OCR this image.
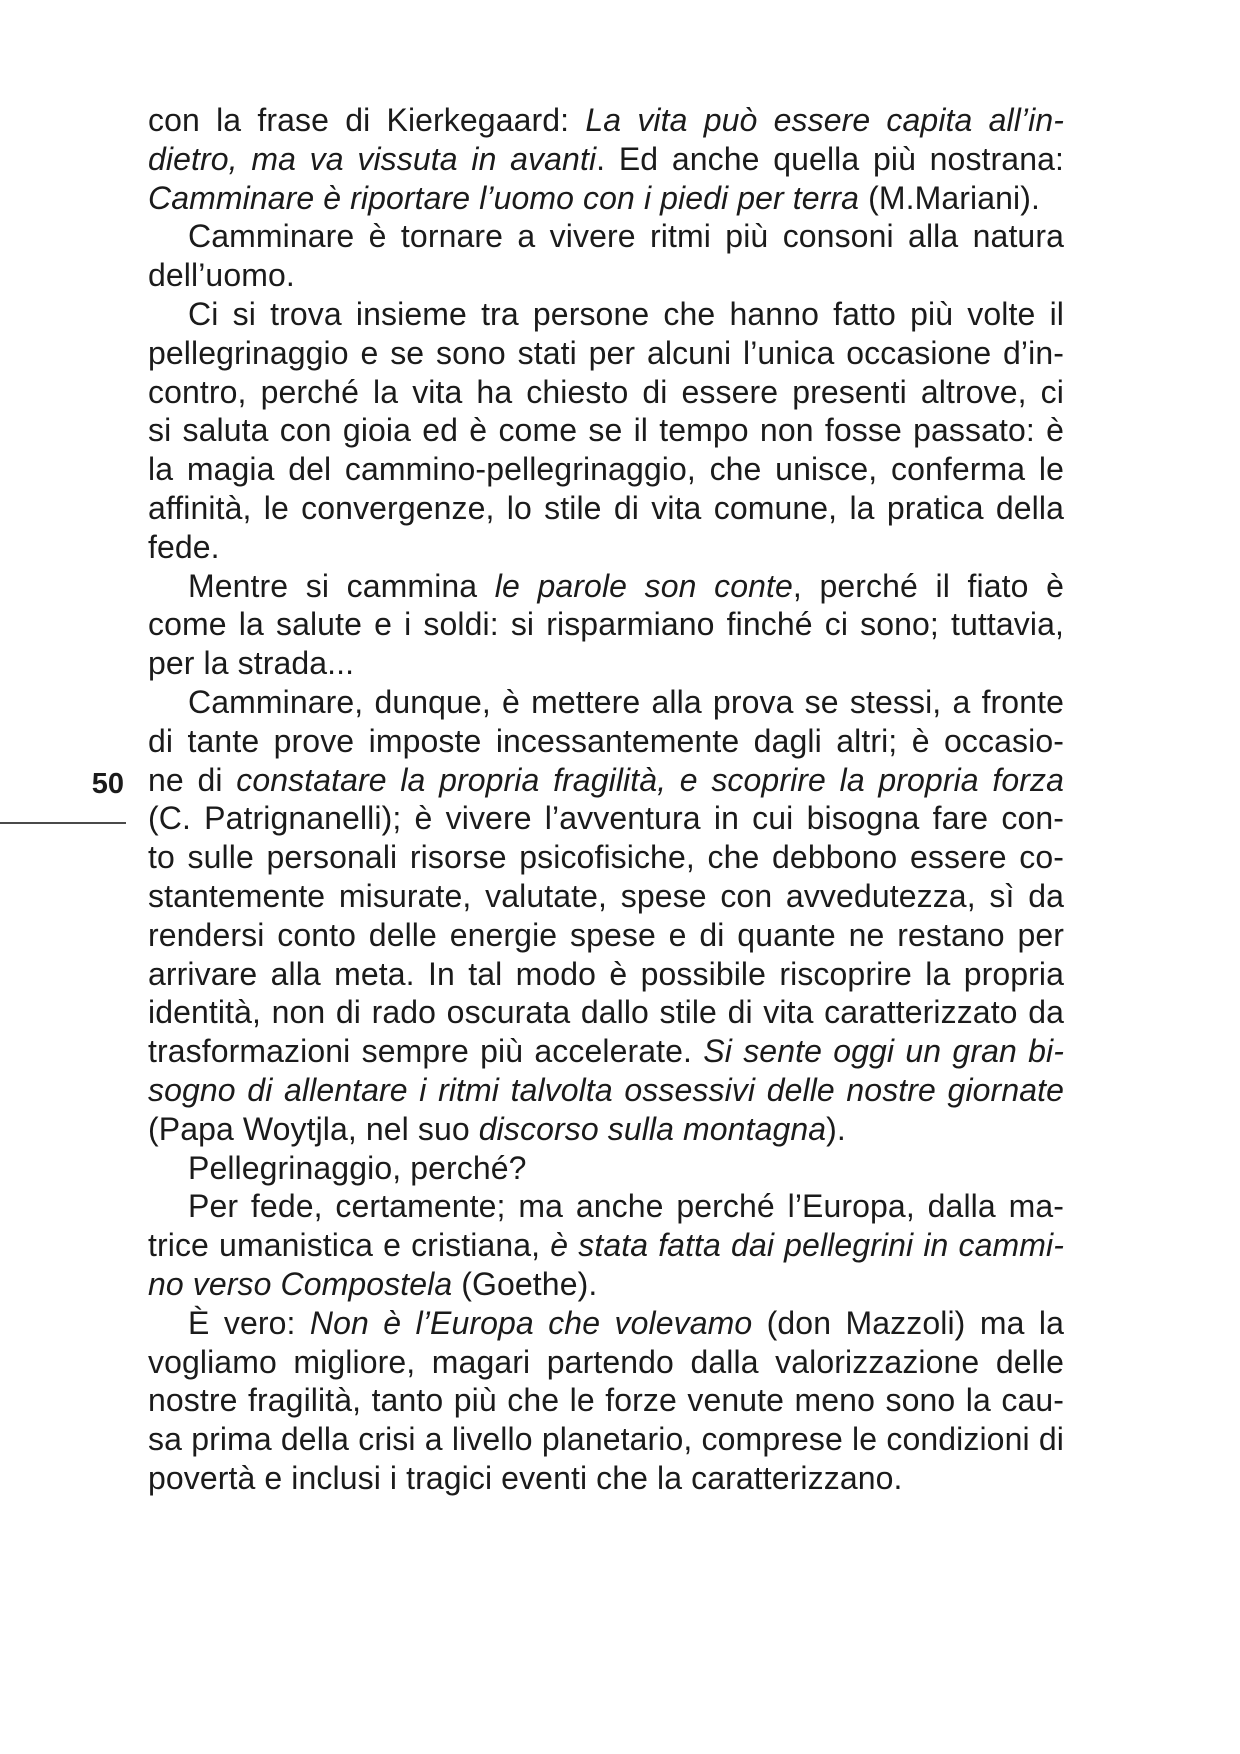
50
con la frase di Kierkegaard: La vita può essere capita all’in-
dietro, ma va vissuta in avanti. Ed anche quella più nostrana:
Camminare è riportare l’uomo con i piedi per terra (M.Mariani).
Camminare è tornare a vivere ritmi più consoni alla natura
dell’uomo.
Ci si trova insieme tra persone che hanno fatto più volte il
pellegrinaggio e se sono stati per alcuni l’unica occasione d’in-
contro, perché la vita ha chiesto di essere presenti altrove, ci
si saluta con gioia ed è come se il tempo non fosse passato: è
la magia del cammino-pellegrinaggio, che unisce, conferma le
affinità, le convergenze, lo stile di vita comune, la pratica della
fede.
Mentre si cammina le parole son conte, perché il fiato è
come la salute e i soldi: si risparmiano finché ci sono; tuttavia,
per la strada...
Camminare, dunque, è mettere alla prova se stessi, a fronte
di tante prove imposte incessantemente dagli altri; è occasio-
ne di constatare la propria fragilità, e scoprire la propria forza
(C. Patrignanelli); è vivere l’avventura in cui bisogna fare con-
to sulle personali risorse psicofisiche, che debbono essere co-
stantemente misurate, valutate, spese con avvedutezza, sì da
rendersi conto delle energie spese e di quante ne restano per
arrivare alla meta. In tal modo è possibile riscoprire la propria
identità, non di rado oscurata dallo stile di vita caratterizzato da
trasformazioni sempre più accelerate. Si sente oggi un gran bi-
sogno di allentare i ritmi talvolta ossessivi delle nostre giornate
(Papa Woytjla, nel suo discorso sulla montagna).
Pellegrinaggio, perché?
Per fede, certamente; ma anche perché l’Europa, dalla ma-
trice umanistica e cristiana, è stata fatta dai pellegrini in cammi-
no verso Compostela (Goethe).
È vero: Non è l’Europa che volevamo (don Mazzoli) ma la
vogliamo migliore, magari partendo dalla valorizzazione delle
nostre fragilità, tanto più che le forze venute meno sono la cau-
sa prima della crisi a livello planetario, comprese le condizioni di
povertà e inclusi i tragici eventi che la caratterizzano.
